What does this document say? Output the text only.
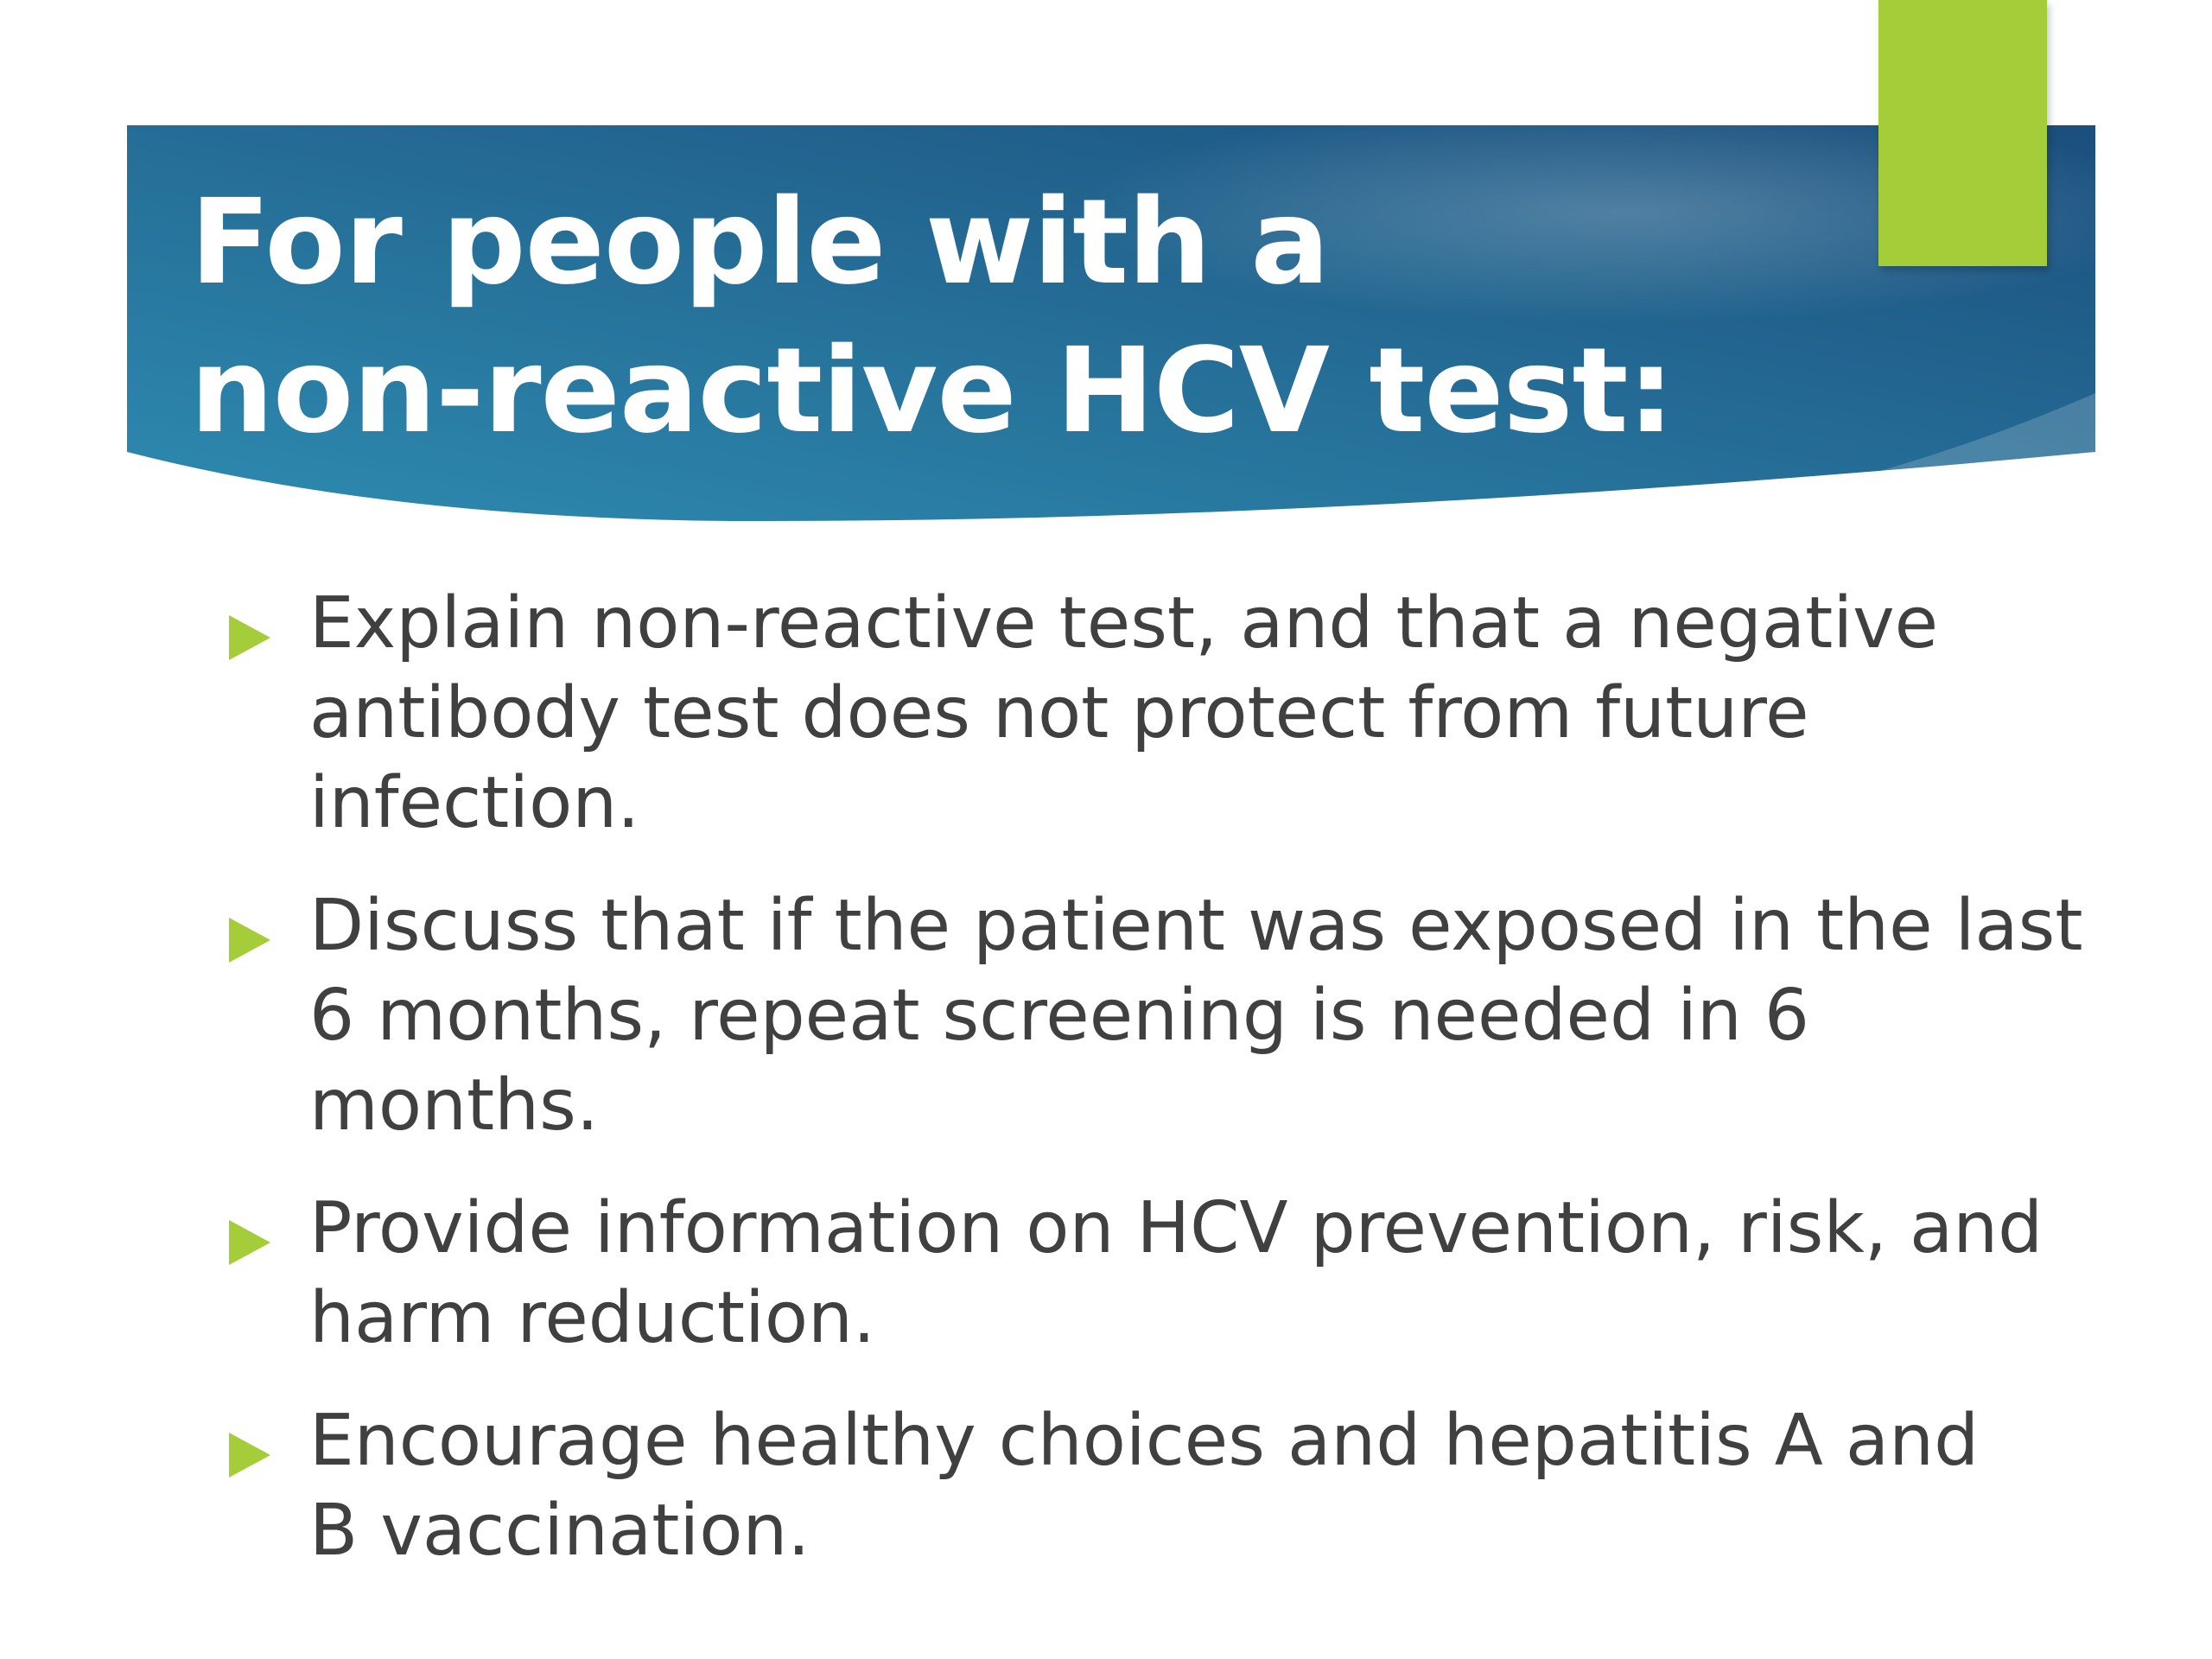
For people with a
non-reactive HCV test:
Explain non-reactive test, and that a negative
antibody test does not protect from future
infection.
Discuss that if the patient was exposed in the last
6 months, repeat screening is needed in 6
months.
Provide information on HCV prevention, risk, and
harm reduction.
Encourage healthy choices and hepatitis A and
B vaccination.
